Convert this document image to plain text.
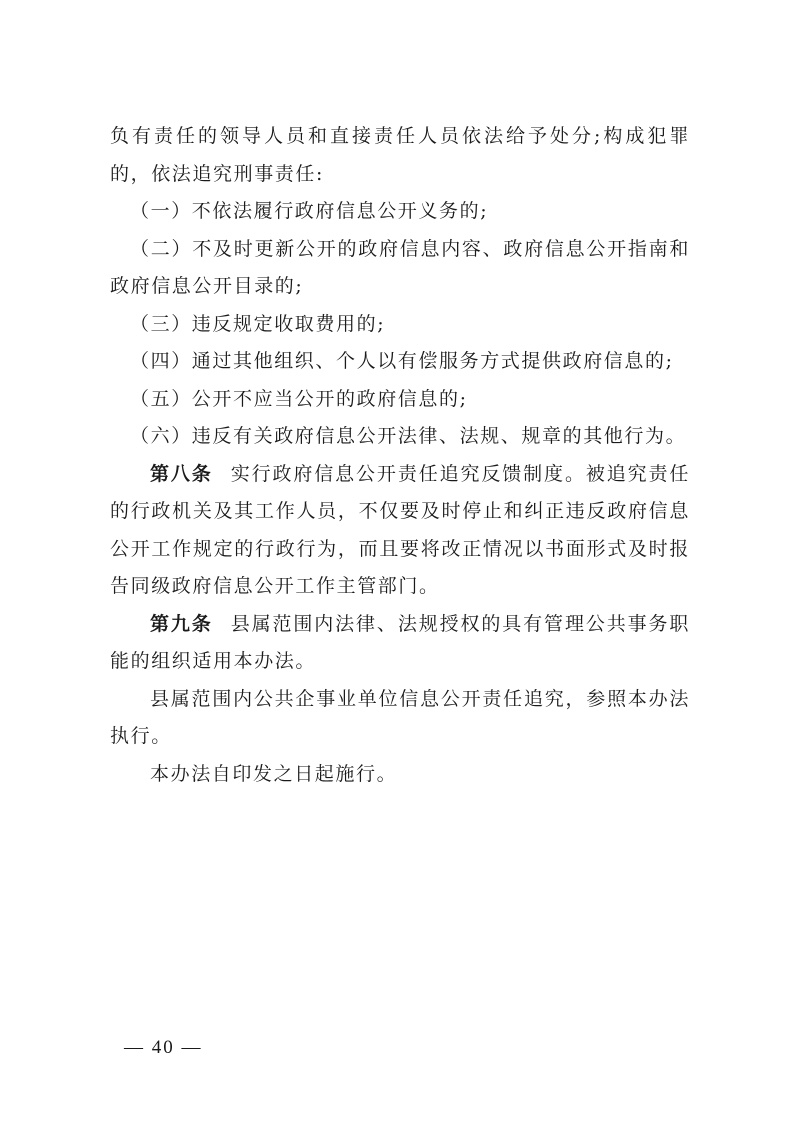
负有责任的领导人员和直接责任人员依法给予处分;构成犯罪的，依法追究刑事责任:

（一）不依法履行政府信息公开义务的;

（二）不及时更新公开的政府信息内容、政府信息公开指南和政府信息公开目录的;

（三）违反规定收取费用的;

（四）通过其他组织、个人以有偿服务方式提供政府信息的;

（五）公开不应当公开的政府信息的;

（六）违反有关政府信息公开法律、法规、规章的其他行为。

第八条 实行政府信息公开责任追究反馈制度。被追究责任的行政机关及其工作人员，不仅要及时停止和纠正违反政府信息公开工作规定的行政行为，而且要将改正情况以书面形式及时报告同级政府信息公开工作主管部门。

第九条 县属范围内法律、法规授权的具有管理公共事务职能的组织适用本办法。

县属范围内公共企事业单位信息公开责任追究，参照本办法执行。

本办法自印发之日起施行。

— 40 —
